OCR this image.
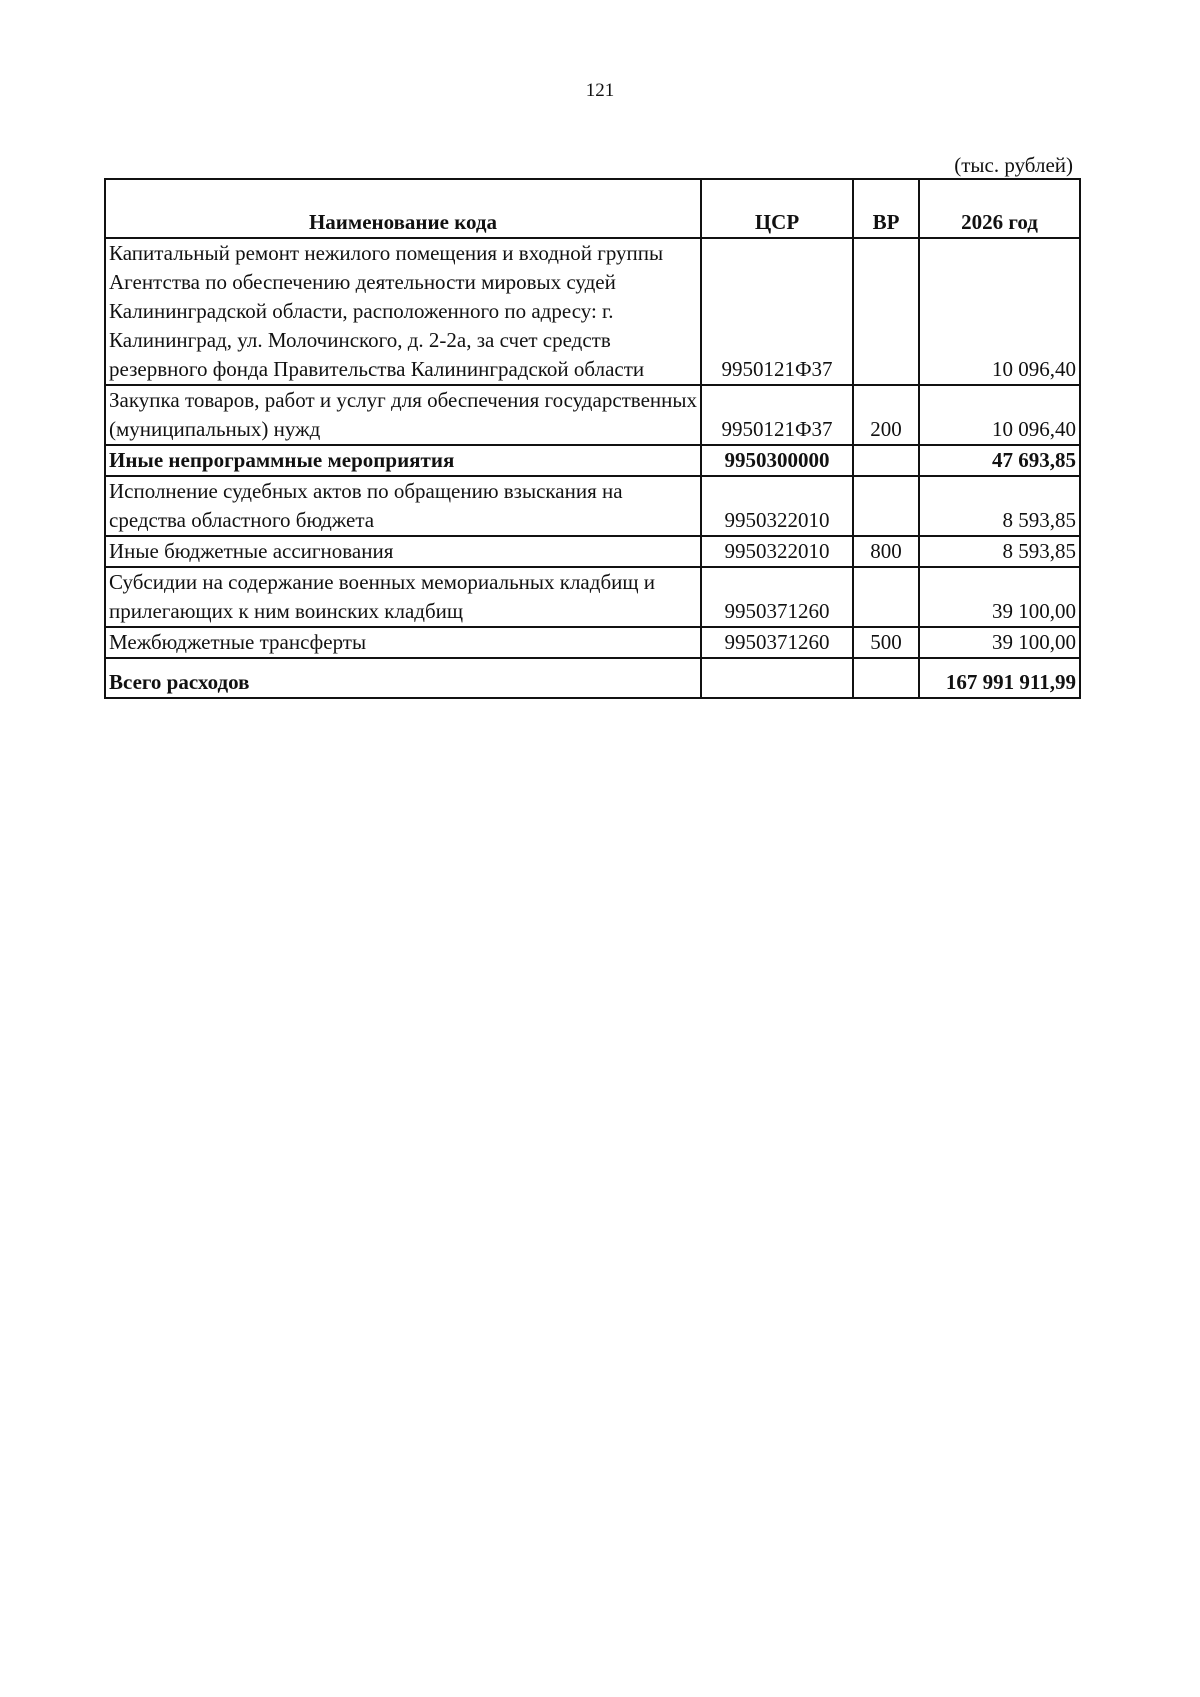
121
(тыс. рублей)
Наименование кода	ЦСР	ВР	2026 год
Капитальный ремонт нежилого помещения и входной группы Агентства по обеспечению деятельности мировых судей Калининградской области, расположенного по адресу: г. Калининград, ул. Молочинского, д. 2-2а, за счет средств резервного фонда Правительства Калининградской области	9950121Ф37		10 096,40
Закупка товаров, работ и услуг для обеспечения государственных (муниципальных) нужд	9950121Ф37	200	10 096,40
Иные непрограммные мероприятия	9950300000		47 693,85
Исполнение судебных актов по обращению взыскания на средства областного бюджета	9950322010		8 593,85
Иные бюджетные ассигнования	9950322010	800	8 593,85
Субсидии на содержание военных мемориальных кладбищ и прилегающих к ним воинских кладбищ	9950371260		39 100,00
Межбюджетные трансферты	9950371260	500	39 100,00
Всего расходов			167 991 911,99
